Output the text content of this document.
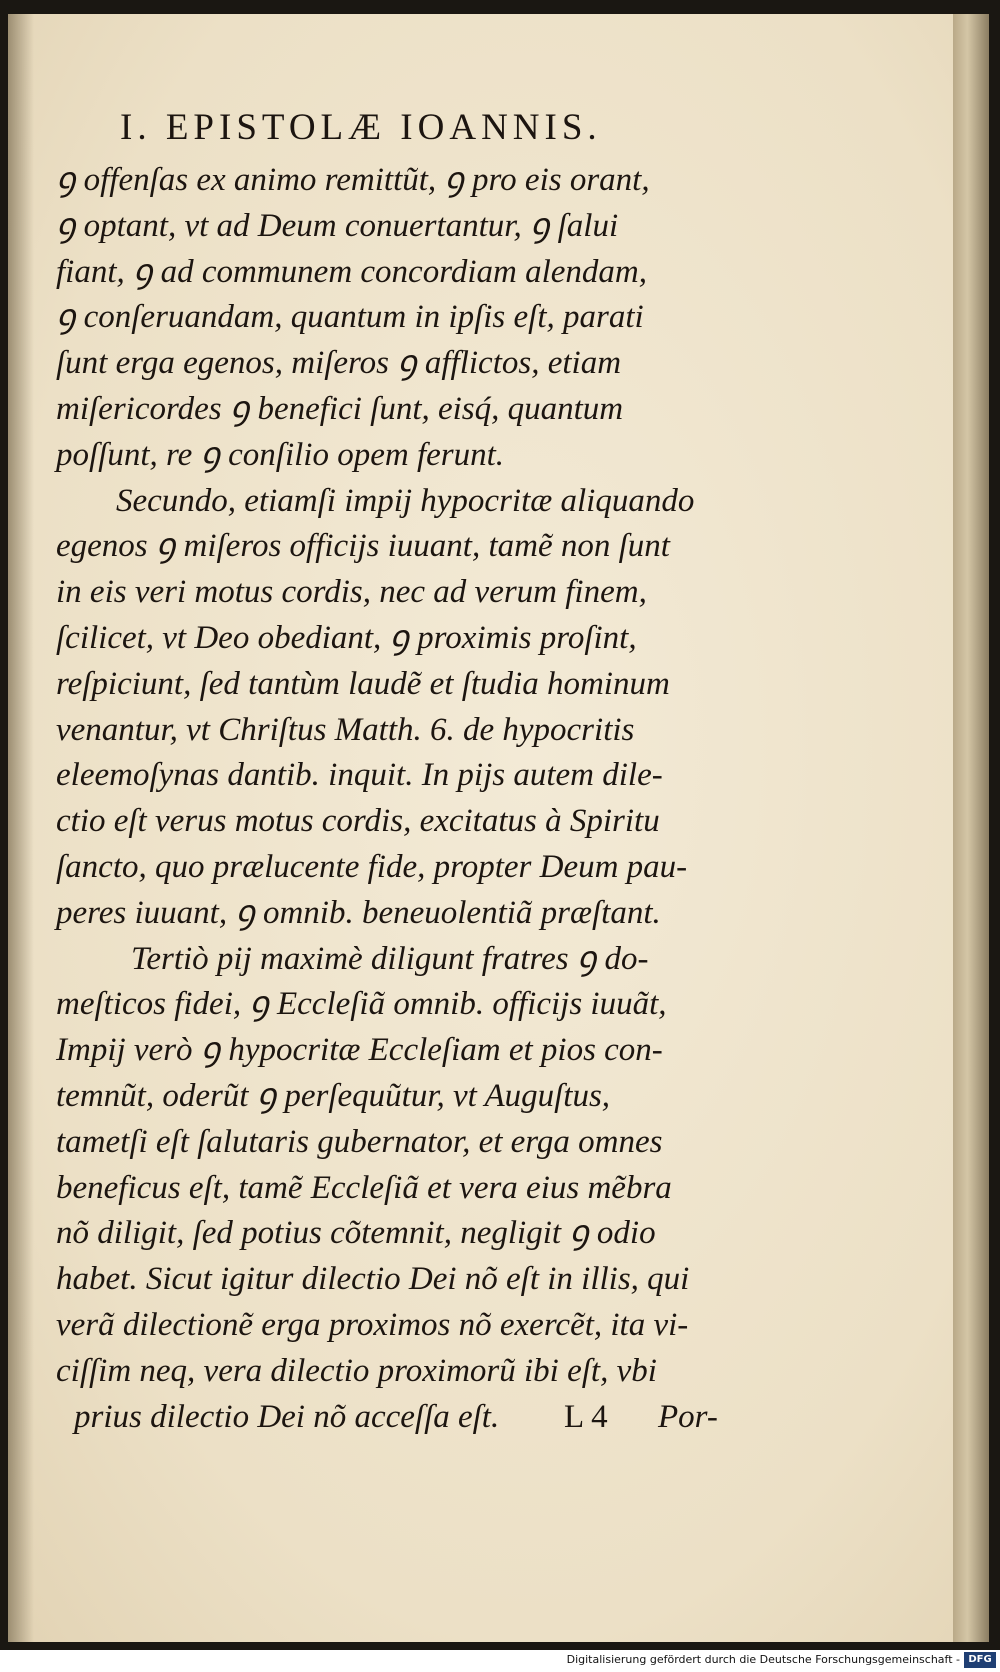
I. EPISTOLÆ IOANNIS.
ꝯ offenſas ex animo remittũt, ꝯ pro eis orant,
ꝯ optant, vt ad Deum conuertantur, ꝯ ſalui
fiant, ꝯ ad communem concordiam alendam,
ꝯ conſeruandam, quantum in ipſis eſt, parati
ſunt erga egenos, miſeros ꝯ afflictos, etiam
miſericordes ꝯ benefici ſunt, eisq́, quantum
poſſunt, re ꝯ conſilio opem ferunt.
Secundo, etiamſi impij hypocritæ aliquando
egenos ꝯ miſeros officijs iuuant, tamẽ non ſunt
in eis veri motus cordis, nec ad verum finem,
ſcilicet, vt Deo obediant, ꝯ proximis proſint,
reſpiciunt, ſed tantùm laudẽ et ſtudia hominum
venantur, vt Chriſtus Matth. 6. de hypocritis
eleemoſynas dantib. inquit. In pijs autem dile-
ctio eſt verus motus cordis, excitatus à Spiritu
ſancto, quo prælucente fide, propter Deum pau-
peres iuuant, ꝯ omnib. beneuolentiã præſtant.
Tertiò pij maximè diligunt fratres ꝯ do-
meſticos fidei, ꝯ Eccleſiã omnib. officijs iuuãt,
Impij verò ꝯ hypocritæ Eccleſiam et pios con-
temnũt, oderũt ꝯ perſequũtur, vt Auguſtus,
tametſi eſt ſalutaris gubernator, et erga omnes
beneficus eſt, tamẽ Eccleſiã et vera eius mẽbra
nõ diligit, ſed potius cõtemnit, negligit ꝯ odio
habet. Sicut igitur dilectio Dei nõ eſt in illis, qui
verã dilectionẽ erga proximos nõ exercẽt, ita vi-
ciſſim neq, vera dilectio proximorũ ibi eſt, vbi
prius dilectio Dei nõ acceſſa eſt. L 4 Por-
Digitalisierung gefördert durch die Deutsche Forschungsgemeinschaft - DFG
